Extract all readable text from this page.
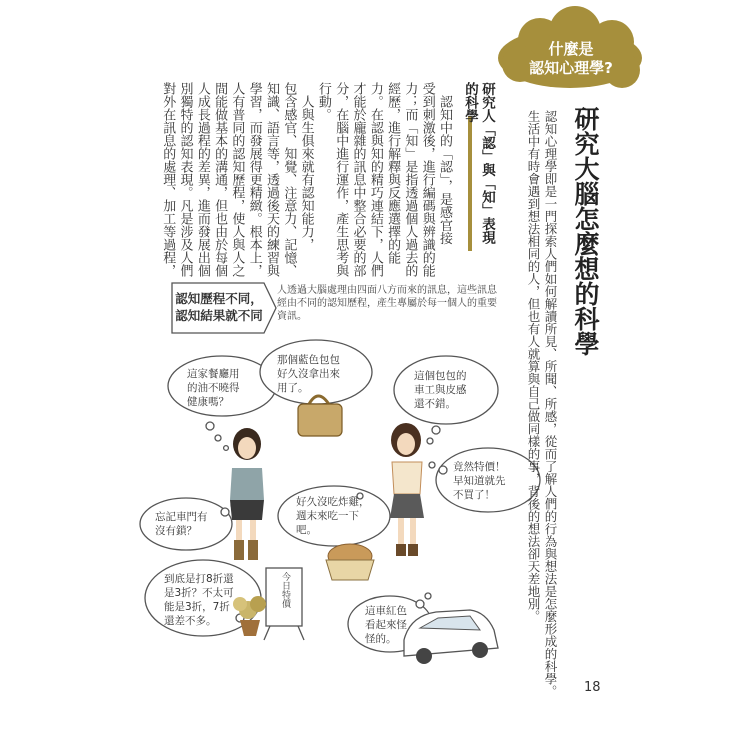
什麼是
認知心理學?
研究大腦怎麼想的科學
生活中有時會遇到想法相同的人，但也有人就算與自己做同樣的事，背後的想法卻天差地別。 認知心理學即是一門探索人們如何解讀所見、所聞、所感，從而了解人們的行為與想法是怎麼形成的科學。
研究人「認」與「知」表現
的科學
　認知中的「認」，是感官接
受到刺激後，進行編碼與辨識的能
力；而「知」是指透過個人過去的
經歷，進行解釋與反應選擇的能
力。在認與知的精巧連結下，人們
才能於龐雜的訊息中整合必要的部
分，在腦中進行運作，產生思考與
行動。
　人與生俱來就有認知能力，
包含感官、知覺、注意力、記憶、
知識、語言等，透過後天的練習與
學習，而發展得更精緻。根本上，
人有普同的認知歷程，使人與人之
間能做基本的溝通，但也由於每個
人成長過程的差異，進而發展出個
別獨特的認知表現。凡是涉及人們
對外在訊息的處理、加工等過程，
認知歷程不同，
認知結果就不同
人透過大腦處理由四面八方而來的訊息，這些訊息經由不同的認知歷程，產生專屬於每一個人的重要資訊。
這家餐廳用
的油不曉得
健康嗎？
那個藍色包包
好久沒拿出來
用了。
這個包包的
車工與皮感
還不錯。
竟然特價！
早知道就先
不買了！
忘記車門有
沒有鎖？
好久沒吃炸雞，
週末來吃一下
吧。
到底是打8折還
是3折？不太可
能是3折，7折
還差不多。
這車紅色
看起來怪
怪的。
今日特價
18
